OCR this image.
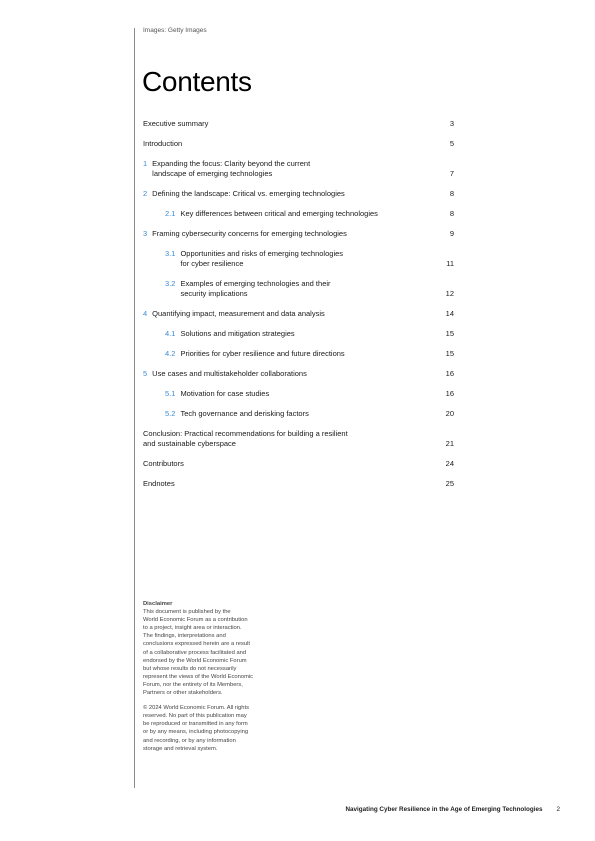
Images: Getty Images
Contents
Executive summary	3
Introduction	5
1 Expanding the focus: Clarity beyond the current
landscape of emerging technologies	7
2 Defining the landscape: Critical vs. emerging technologies	8
2.1 Key differences between critical and emerging technologies	8
3 Framing cybersecurity concerns for emerging technologies	9
3.1 Opportunities and risks of emerging technologies
for cyber resilience	11
3.2 Examples of emerging technologies and their
security implications	12
4 Quantifying impact, measurement and data analysis	14
4.1 Solutions and mitigation strategies	15
4.2 Priorities for cyber resilience and future directions	15
5 Use cases and multistakeholder collaborations	16
5.1 Motivation for case studies	16
5.2 Tech governance and derisking factors	20
Conclusion: Practical recommendations for building a resilient
and sustainable cyberspace	21
Contributors	24
Endnotes	25

Disclaimer

This document is published by the

World Economic Forum as a contribution

to a project, insight area or interaction.

The findings, interpretations and

conclusions expressed herein are a result

of a collaborative process facilitated and

endorsed by the World Economic Forum

but whose results do not necessarily

represent the views of the World Economic

Forum, nor the entirety of its Members,

Partners or other stakeholders.

© 2024 World Economic Forum. All rights

reserved. No part of this publication may

be reproduced or transmitted in any form

or by any means, including photocopying

and recording, or by any information

storage and retrieval system.

Navigating Cyber Resilience in the Age of Emerging Technologies 2
